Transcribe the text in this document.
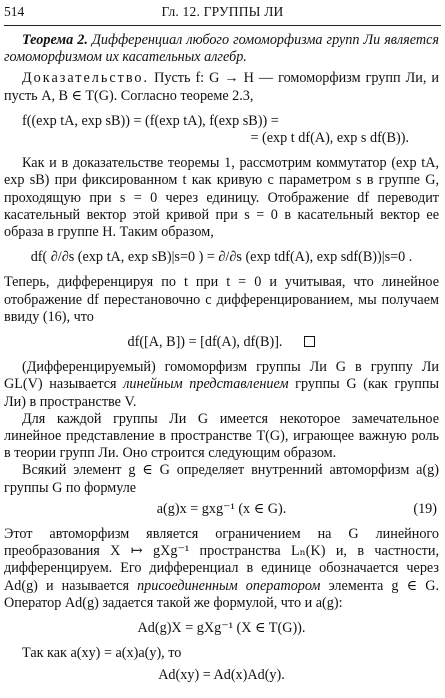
514	Гл. 12. ГРУППЫ ЛИ

Теорема 2. Дифференциал любого гомоморфизма групп Ли является гомоморфизмом их касательных алгебр.

Доказательство. Пусть f: G → H — гомоморфизм групп Ли, и пусть A, B ∈ T(G). Согласно теореме 2.3,

f((exp tA, exp sB)) = (f(exp tA), f(exp sB)) =

= (exp t df(A), exp s df(B)).

Как и в доказательстве теоремы 1, рассмотрим коммутатор (exp tA, exp sB) при фиксированном t как кривую с параметром s в группе G, проходящую при s = 0 через единицу. Отображение df переводит касательный вектор этой кривой при s = 0 в касательный вектор ее образа в группе H. Таким образом,

df( ∂/∂s (exp tA, exp sB)|s=0 ) = ∂/∂s (exp tdf(A), exp sdf(B))|s=0 .

Теперь, дифференцируя по t при t = 0 и учитывая, что линейное отображение df перестановочно с дифференцированием, мы получаем ввиду (16), что

df([A, B]) = [df(A), df(B)].

(Дифференцируемый) гомоморфизм группы Ли G в группу Ли GL(V) называется линейным представлением группы G (как группы Ли) в пространстве V.

Для каждой группы Ли G имеется некоторое замечательное линейное представление в пространстве T(G), играющее важную роль в теории групп Ли. Оно строится следующим образом.

Всякий элемент g ∈ G определяет внутренний автоморфизм a(g) группы G по формуле

a(g)x = gxg⁻¹ (x ∈ G).	(19)

Этот автоморфизм является ограничением на G линейного преобразования X ↦ gXg⁻¹ пространства Lₙ(K) и, в частности, дифференцируем. Его дифференциал в единице обозначается через Ad(g) и называется присоединенным оператором элемента g ∈ G. Оператор Ad(g) задается такой же формулой, что и a(g):

Ad(g)X = gXg⁻¹ (X ∈ T(G)).

Так как a(xy) = a(x)a(y), то

Ad(xy) = Ad(x)Ad(y).
